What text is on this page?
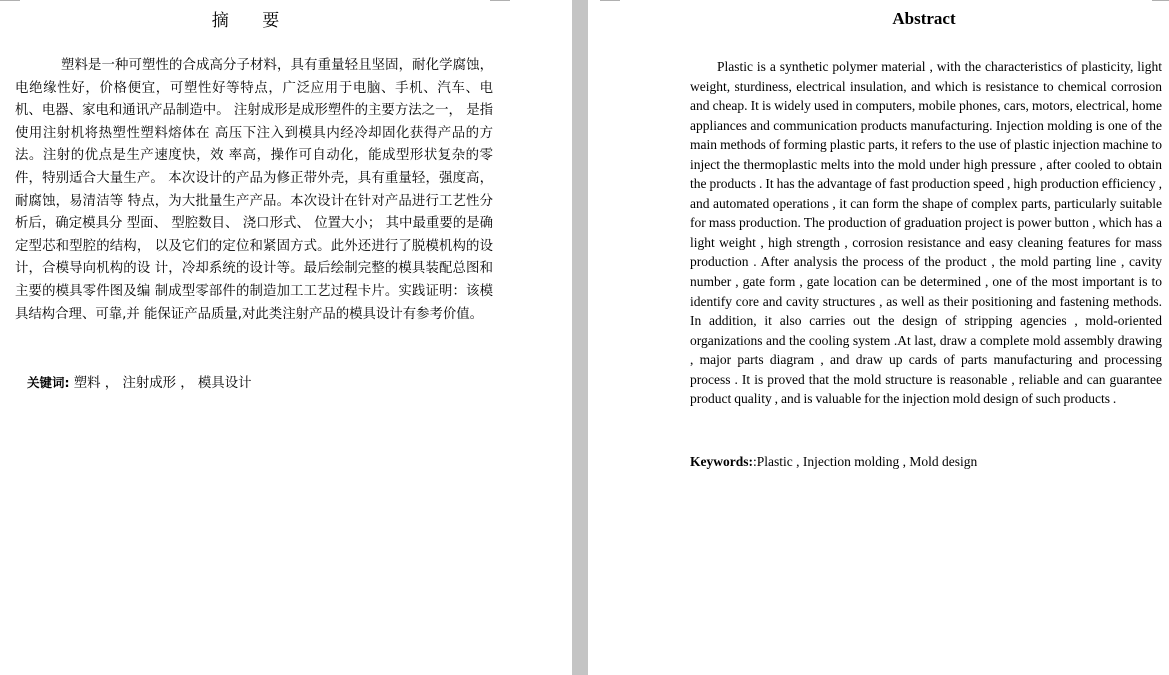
摘 要

塑料是一种可塑性的合成高分子材料，具有重量轻且坚固，耐化学腐蚀，电绝缘性好，价格便宜，可塑性好等特点，广泛应用于电脑、手机、汽车、电机、电器、家电和通讯产品制造中。 注射成形是成形塑件的主要方法之一， 是指使用注射机将热塑性塑料熔体在 高压下注入到模具内经冷却固化获得产品的方法。注射的优点是生产速度快，效 率高，操作可自动化，能成型形状复杂的零件，特别适合大量生产。 本次设计的产品为修正带外壳，具有重量轻，强度高，耐腐蚀，易清洁等 特点，为大批量生产产品。本次设计在针对产品进行工艺性分析后，确定模具分 型面、 型腔数目、 浇口形式、 位置大小； 其中最重要的是确定型芯和型腔的结构， 以及它们的定位和紧固方式。此外还进行了脱模机构的设计，合模导向机构的设 计，冷却系统的设计等。最后绘制完整的模具装配总图和主要的模具零件图及编 制成型零部件的制造加工工艺过程卡片。实践证明：该模具结构合理、可靠,并 能保证产品质量,对此类注射产品的模具设计有参考价值。

关键词: 塑料 ， 注射成形 ， 模具设计
Abstract

Plastic is a synthetic polymer material , with the characteristics of plasticity, light weight, sturdiness, electrical insulation, and which is resistance to chemical corrosion and cheap. It is widely used in computers, mobile phones, cars, motors, electrical, home appliances and communication products manufacturing. Injection molding is one of the main methods of forming plastic parts, it refers to the use of plastic injection machine to inject the thermoplastic melts into the mold under high pressure , after cooled to obtain the products . It has the advantage of fast production speed , high production efficiency , and automated operations , it can form the shape of complex parts, particularly suitable for mass production. The production of graduation project is power button , which has a light weight , high strength , corrosion resistance and easy cleaning features for mass production . After analysis the process of the product , the mold parting line , cavity number , gate form , gate location can be determined , one of the most important is to identify core and cavity structures , as well as their positioning and fastening methods. In addition, it also carries out the design of stripping agencies , mold-oriented organizations and the cooling system .At last, draw a complete mold assembly drawing , major parts diagram , and draw up cards of parts manufacturing and processing process . It is proved that the mold structure is reasonable , reliable and can guarantee product quality , and is valuable for the injection mold design of such products .

Keywords::Plastic , Injection molding , Mold design
